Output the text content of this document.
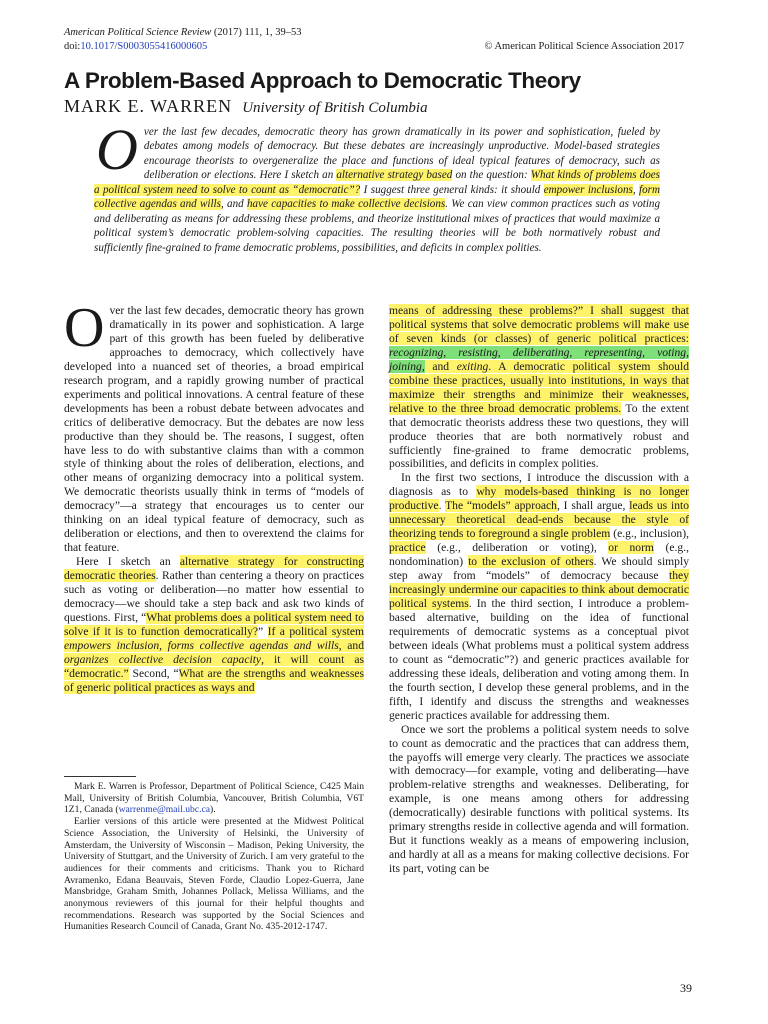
American Political Science Review (2017) 111, 1, 39–53
doi:10.1017/S0003055416000605	© American Political Science Association 2017
A Problem-Based Approach to Democratic Theory
MARK E. WARREN University of British Columbia
Over the last few decades, democratic theory has grown dramatically in its power and sophistication, fueled by debates among models of democracy. But these debates are increasingly unproductive. Model-based strategies encourage theorists to overgeneralize the place and functions of ideal typical features of democracy, such as deliberation or elections. Here I sketch an alternative strategy based on the question: What kinds of problems does a political system need to solve to count as “democratic”? I suggest three general kinds: it should empower inclusions, form collective agendas and wills, and have capacities to make collective decisions. We can view common practices such as voting and deliberating as means for addressing these problems, and theorize institutional mixes of practices that would maximize a political system’s democratic problem-solving capacities. The resulting theories will be both normatively robust and sufficiently fine-grained to frame democratic problems, possibilities, and deficits in complex polities.

Over the last few decades, democratic theory has grown dramatically in its power and sophistication. A large part of this growth has been fueled by deliberative approaches to democracy, which collectively have developed into a nuanced set of theories, a broad empirical research program, and a rapidly growing number of practical experiments and political innovations. A central feature of these developments has been a robust debate between advocates and critics of deliberative democracy. But the debates are now less productive than they should be. The reasons, I suggest, often have less to do with substantive claims than with a common style of thinking about the roles of deliberation, elections, and other means of organizing democracy into a political system. We democratic theorists usually think in terms of “models of democracy”—a strategy that encourages us to center our thinking on an ideal typical feature of democracy, such as deliberation or elections, and then to overextend the claims for that feature.

Here I sketch an alternative strategy for constructing democratic theories. Rather than centering a theory on practices such as voting or deliberation—no matter how essential to democracy—we should take a step back and ask two kinds of questions. First, “What problems does a political system need to solve if it is to function democratically?” If a political system empowers inclusion, forms collective agendas and wills, and organizes collective decision capacity, it will count as “democratic.” Second, “What are the strengths and weaknesses of generic political practices as ways and

means of addressing these problems?” I shall suggest that political systems that solve democratic problems will make use of seven kinds (or classes) of generic political practices: recognizing, resisting, deliberating, representing, voting, joining, and exiting. A democratic political system should combine these practices, usually into institutions, in ways that maximize their strengths and minimize their weaknesses, relative to the three broad democratic problems. To the extent that democratic theorists address these two questions, they will produce theories that are both normatively robust and sufficiently fine-grained to frame democratic problems, possibilities, and deficits in complex polities.

In the first two sections, I introduce the discussion with a diagnosis as to why models-based thinking is no longer productive. The “models” approach, I shall argue, leads us into unnecessary theoretical dead-ends because the style of theorizing tends to foreground a single problem (e.g., inclusion), practice (e.g., deliberation or voting), or norm (e.g., nondomination) to the exclusion of others. We should simply step away from “models” of democracy because they increasingly undermine our capacities to think about democratic political systems. In the third section, I introduce a problem-based alternative, building on the idea of functional requirements of democratic systems as a conceptual pivot between ideals (What problems must a political system address to count as “democratic”?) and generic practices available for addressing these ideals, deliberation and voting among them. In the fourth section, I develop these general problems, and in the fifth, I identify and discuss the strengths and weaknesses generic practices available for addressing them.

Once we sort the problems a political system needs to solve to count as democratic and the practices that can address them, the payoffs will emerge very clearly. The practices we associate with democracy—for example, voting and deliberating—have problem-relative strengths and weaknesses. Deliberating, for example, is one means among others for addressing (democratically) desirable functions with political systems. Its primary strengths reside in collective agenda and will formation. But it functions weakly as a means of empowering inclusion, and hardly at all as a means for making collective decisions. For its part, voting can be

Mark E. Warren is Professor, Department of Political Science, C425 Main Mall, University of British Columbia, Vancouver, British Columbia, V6T 1Z1, Canada (warrenme@mail.ubc.ca).

Earlier versions of this article were presented at the Midwest Political Science Association, the University of Helsinki, the University of Amsterdam, the University of Wisconsin – Madison, Peking University, the University of Stuttgart, and the University of Zurich. I am very grateful to the audiences for their comments and criticisms. Thank you to Richard Avramenko, Edana Beauvais, Steven Forde, Claudio Lopez-Guerra, Jane Mansbridge, Graham Smith, Johannes Pollack, Melissa Williams, and the anonymous reviewers of this journal for their helpful thoughts and recommendations. Research was supported by the Social Sciences and Humanities Research Council of Canada, Grant No. 435-2012-1747.

39
